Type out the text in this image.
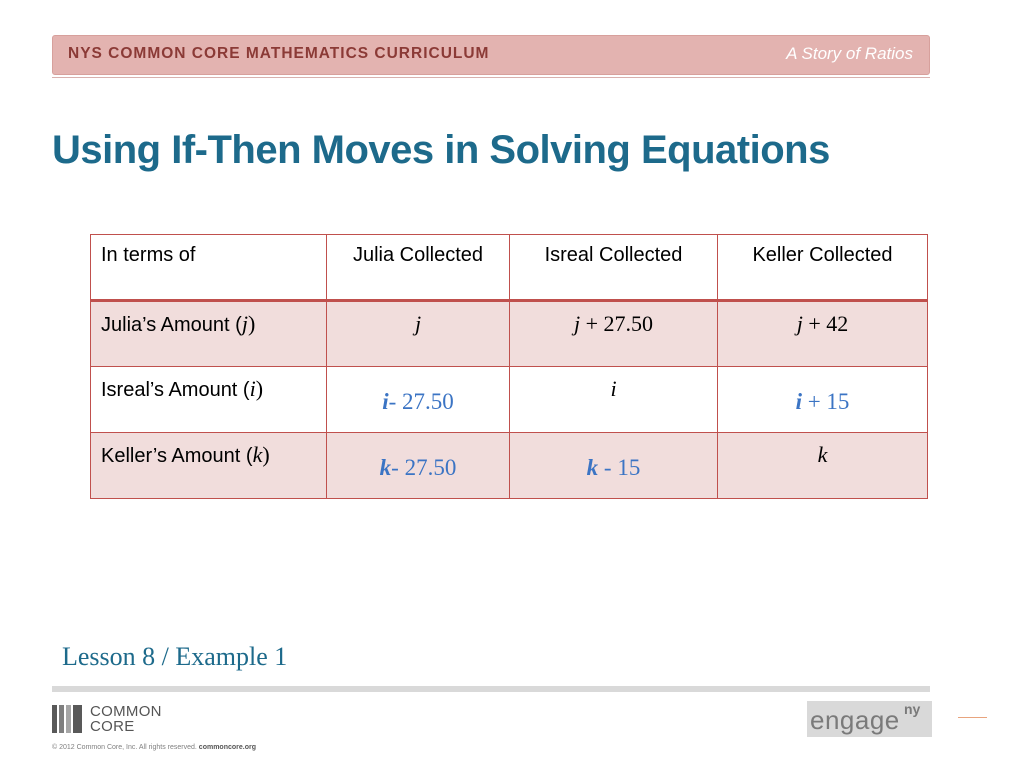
NYS COMMON CORE MATHEMATICS CURRICULUM	A Story of Ratios
Using If-Then Moves in Solving Equations
In terms of	Julia Collected	Isreal Collected	Keller Collected
Julia’s Amount (j)	j	j + 27.50	j + 42
Isreal’s Amount (i)	i- 27.50	i	i + 15

Keller’s Amount (k)	k- 27.50	k - 15	k
Lesson 8 / Example 1
COMMON
CORE
© 2012 Common Core, Inc. All rights reserved. commoncore.org
engage ny
